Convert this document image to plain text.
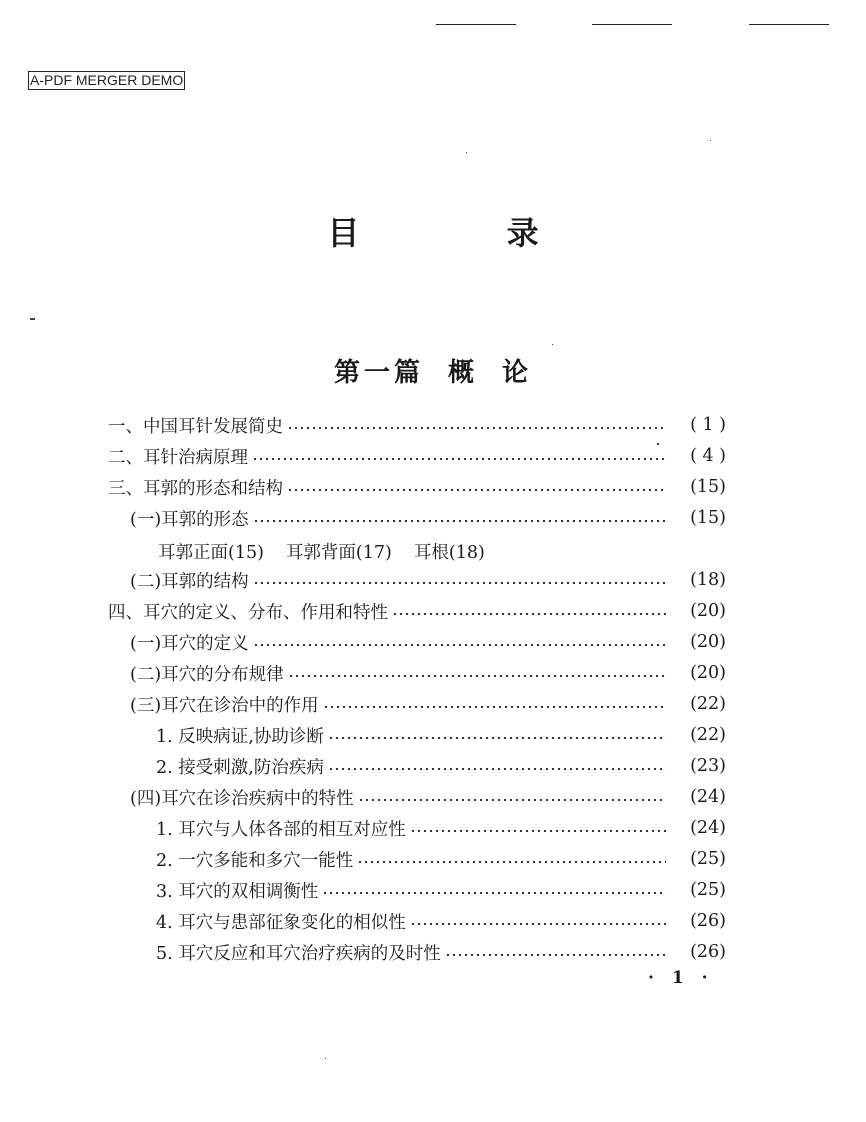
A-PDF MERGER DEMO
目 录
第一篇 概 论
一、中国耳针发展简史	( 1 )
二、耳针治病原理	( 4 )
三、耳郭的形态和结构	(15)
(一)耳郭的形态	(15)
耳郭正面(15) 耳郭背面(17) 耳根(18)
(二)耳郭的结构	(18)
四、耳穴的定义、分布、作用和特性	(20)
(一)耳穴的定义	(20)
(二)耳穴的分布规律	(20)
(三)耳穴在诊治中的作用	(22)
1. 反映病证,协助诊断	(22)
2. 接受刺激,防治疾病	(23)
(四)耳穴在诊治疾病中的特性	(24)
1. 耳穴与人体各部的相互对应性	(24)
2. 一穴多能和多穴一能性	(25)
3. 耳穴的双相调衡性	(25)
4. 耳穴与患部征象变化的相似性	(26)
5. 耳穴反应和耳穴治疗疾病的及时性	(26)
· 1 ·
